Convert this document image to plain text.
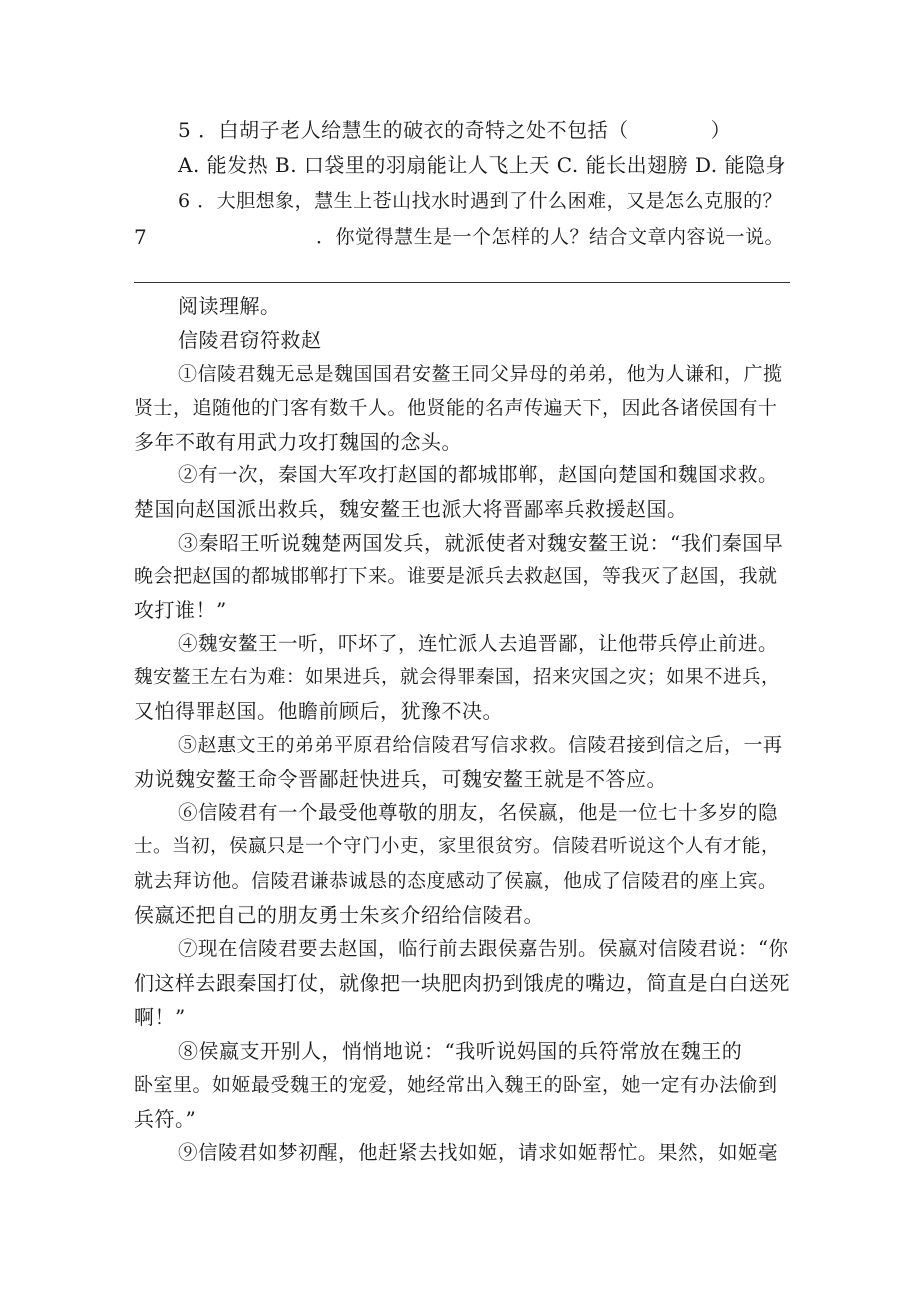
5 ．白胡子老人给慧生的破衣的奇特之处不包括（　　　　）
A. 能发热 B. 口袋里的羽扇能让人飞上天 C. 能长出翅膀 D. 能隐身
6 ．大胆想象，慧生上苍山找水时遇到了什么困难，又是怎么克服的？
7	．你觉得慧生是一个怎样的人？结合文章内容说一说。
阅读理解。
信陵君窃符救赵
①信陵君魏无忌是魏国国君安鳌王同父异母的弟弟，他为人谦和，广揽
贤士，追随他的门客有数千人。他贤能的名声传遍天下，因此各诸侯国有十
多年不敢有用武力攻打魏国的念头。
②有一次，秦国大军攻打赵国的都城邯郸，赵国向楚国和魏国求救。
楚国向赵国派出救兵，魏安鳌王也派大将晋鄙率兵救援赵国。
③秦昭王听说魏楚两国发兵，就派使者对魏安鳌王说：“我们秦国早
晚会把赵国的都城邯郸打下来。谁要是派兵去救赵国，等我灭了赵国，我就
攻打谁！”
④魏安鳌王一听，吓坏了，连忙派人去追晋鄙，让他带兵停止前进。
魏安鳌王左右为难：如果进兵，就会得罪秦国，招来灾国之灾；如果不进兵，
又怕得罪赵国。他瞻前顾后，犹豫不决。
⑤赵惠文王的弟弟平原君给信陵君写信求救。信陵君接到信之后，一再
劝说魏安鳌王命令晋鄙赶快进兵，可魏安鳌王就是不答应。
⑥信陵君有一个最受他尊敬的朋友，名侯嬴，他是一位七十多岁的隐
士。当初，侯嬴只是一个守门小吏，家里很贫穷。信陵君听说这个人有才能，
就去拜访他。信陵君谦恭诚恳的态度感动了侯嬴，他成了信陵君的座上宾。
侯嬴还把自己的朋友勇士朱亥介绍给信陵君。
⑦现在信陵君要去赵国，临行前去跟侯嘉告别。侯嬴对信陵君说：“你
们这样去跟秦国打仗，就像把一块肥肉扔到饿虎的嘴边，简直是白白送死
啊！”
⑧侯嬴支开别人，悄悄地说：“我听说妈国的兵符常放在魏王的
卧室里。如姬最受魏王的宠爱，她经常出入魏王的卧室，她一定有办法偷到
兵符。”
⑨信陵君如梦初醒，他赶紧去找如姬，请求如姬帮忙。果然，如姬毫
